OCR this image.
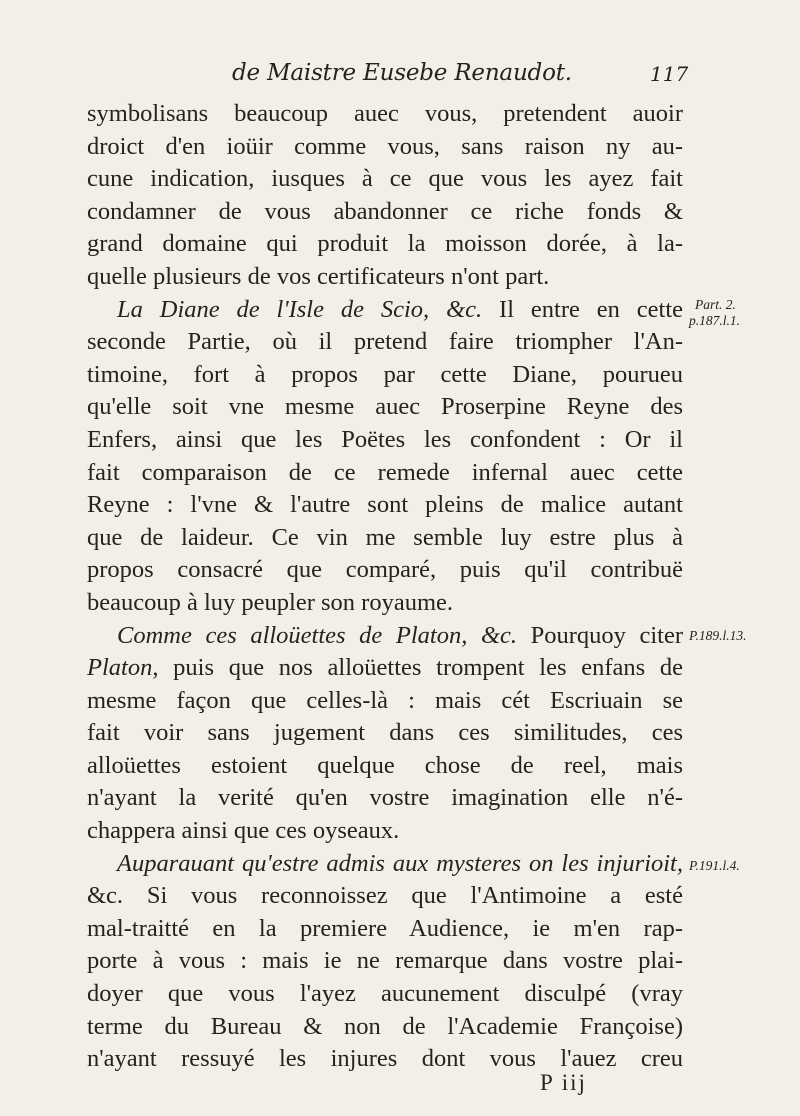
de Maistre Eusebe Renaudot.	117
symbolisans beaucoup auec vous, pretendent auoir
droict d'en ioüir comme vous, sans raison ny au-
cune indication, iusques à ce que vous les ayez fait
condamner de vous abandonner ce riche fonds &
grand domaine qui produit la moisson dorée, à la-
quelle plusieurs de vos certificateurs n'ont part.
La Diane de l'Isle de Scio, &c. Il entre en cette
seconde Partie, où il pretend faire triompher l'An-
timoine, fort à propos par cette Diane, pourueu
qu'elle soit vne mesme auec Proserpine Reyne des
Enfers, ainsi que les Poëtes les confondent : Or il
fait comparaison de ce remede infernal auec cette
Reyne : l'vne & l'autre sont pleins de malice autant
que de laideur. Ce vin me semble luy estre plus à
propos consacré que comparé, puis qu'il contribuë
beaucoup à luy peupler son royaume.
Comme ces alloüettes de Platon, &c. Pourquoy citer
Platon, puis que nos alloüettes trompent les enfans de
mesme façon que celles-là : mais cét Escriuain se
fait voir sans jugement dans ces similitudes, ces
alloüettes estoient quelque chose de reel, mais
n'ayant la verité qu'en vostre imagination elle n'é-
chappera ainsi que ces oyseaux.
Auparauant qu'estre admis aux mysteres on les injurioit,
&c. Si vous reconnoissez que l'Antimoine a esté
mal-traitté en la premiere Audience, ie m'en rap-
porte à vous : mais ie ne remarque dans vostre plai-
doyer que vous l'ayez aucunement disculpé (vray
terme du Bureau & non de l'Academie Françoise)
n'ayant ressuyé les injures dont vous l'auez creu
Part. 2.
p.187.l.1.
P.189.l.13.
P.191.l.4.
P iij
